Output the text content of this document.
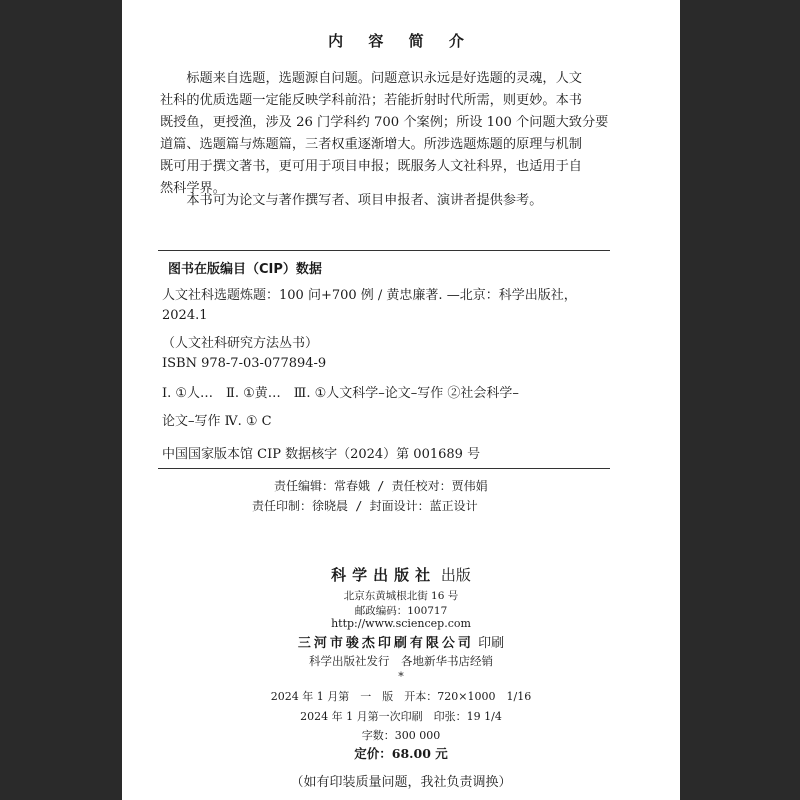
内 容 简 介
　　标题来自选题，选题源自问题。问题意识永远是好选题的灵魂，人文
社科的优质选题一定能反映学科前沿；若能折射时代所需，则更妙。本书
既授鱼，更授渔，涉及 26 门学科约 700 个案例；所设 100 个问题大致分要
道篇、选题篇与炼题篇，三者权重逐渐增大。所涉选题炼题的原理与机制
既可用于撰文著书，更可用于项目申报；既服务人文社科界，也适用于自
然科学界。
　　本书可为论文与著作撰写者、项目申报者、演讲者提供参考。
图书在版编目（CIP）数据
人文社科选题炼题：100 问+700 例 / 黄忠廉著. —北京：科学出版社，
2024.1
（人文社科研究方法丛书）
ISBN 978-7-03-077894-9
Ⅰ. ①人…　Ⅱ. ①黄…　Ⅲ. ①人文科学–论文–写作 ②社会科学–
论文–写作 Ⅳ. ① C
中国国家版本馆 CIP 数据核字（2024）第 001689 号
责任编辑：常春娥 / 责任校对：贾伟娟
责任印制：徐晓晨 / 封面设计：蓝正设计
科学出版社 出版
北京东黄城根北街 16 号
邮政编码：100717
http://www.sciencep.com
三河市骏杰印刷有限公司 印刷
科学出版社发行　各地新华书店经销
*
2024 年 1 月第　一　版　开本：720×1000　1/16
2024 年 1 月第一次印刷　印张：19 1/4
字数：300 000
定价：68.00 元
（如有印装质量问题，我社负责调换）
